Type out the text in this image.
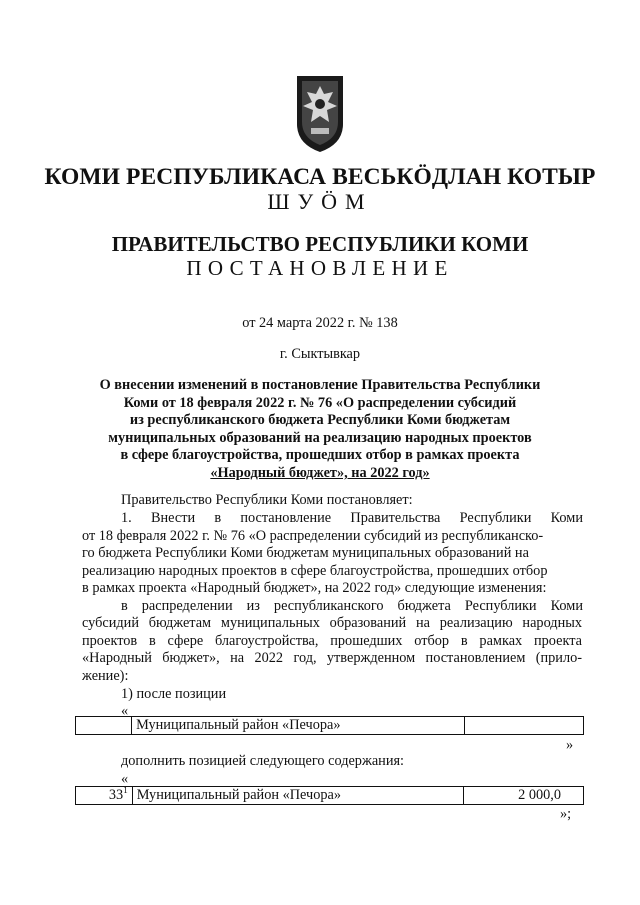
КОМИ РЕСПУБЛИКАСА ВЕСЬКӦДЛАН КОТЫР
ШУӦМ
ПРАВИТЕЛЬСТВО РЕСПУБЛИКИ КОМИ
ПОСТАНОВЛЕНИЕ
от 24 марта 2022 г. № 138
г. Сыктывкар
О внесении изменений в постановление Правительства Республики
Коми от 18 февраля 2022 г. № 76 «О распределении субсидий
из республиканского бюджета Республики Коми бюджетам
муниципальных образований на реализацию народных проектов
в сфере благоустройства, прошедших отбор в рамках проекта
«Народный бюджет», на 2022 год»
Правительство Республики Коми постановляет:
1. Внести в постановление Правительства Республики Коми
от 18 февраля 2022 г. № 76 «О распределении субсидий из республиканско-
го бюджета Республики Коми бюджетам муниципальных образований на
реализацию народных проектов в сфере благоустройства, прошедших отбор
в рамках проекта «Народный бюджет», на 2022 год» следующие изменения:
в распределении из республиканского бюджета Республики Коми
субсидий бюджетам муниципальных образований на реализацию народных
проектов в сфере благоустройства, прошедших отбор в рамках проекта
«Народный бюджет», на 2022 год, утвержденном постановлением (прило-
жение):
1) после позиции
«
	Муниципальный район «Печора»	
»
дополнить позицией следующего содержания:
«
$33^1$	Муниципальный район «Печора»	2 000,0
»;
